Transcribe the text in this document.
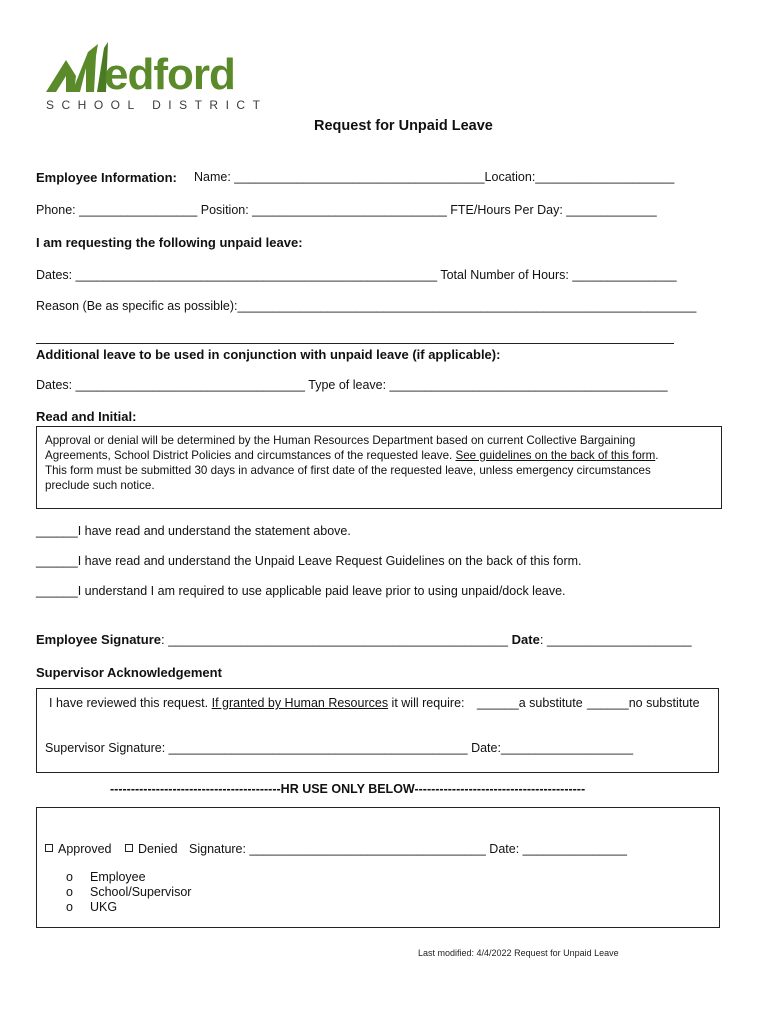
edford
SCHOOL DISTRICT
Request for Unpaid Leave
Employee Information: Name: ____________________________________Location:____________________
Phone: _________________ Position: ____________________________ FTE/Hours Per Day: _____________
I am requesting the following unpaid leave:
Dates: ____________________________________________________ Total Number of Hours: _______________
Reason (Be as specific as possible):__________________________________________________________________
Additional leave to be used in conjunction with unpaid leave (if applicable):
Dates: _________________________________ Type of leave: ________________________________________
Read and Initial:
Approval or denial will be determined by the Human Resources Department based on current Collective Bargaining
Agreements, School District Policies and circumstances of the requested leave. See guidelines on the back of this form.
This form must be submitted 30 days in advance of first date of the requested leave, unless emergency circumstances
preclude such notice.
______I have read and understand the statement above.
______I have read and understand the Unpaid Leave Request Guidelines on the back of this form.
______I understand I am required to use applicable paid leave prior to using unpaid/dock leave.
Employee Signature: _______________________________________________ Date: ____________________
Supervisor Acknowledgement
I have reviewed this request. If granted by Human Resources it will require: ______a substitute ______no substitute
Supervisor Signature: ___________________________________________ Date:___________________
-----------------------------------------HR USE ONLY BELOW-----------------------------------------
Approved	Denied Signature: __________________________________ Date: _______________
o Employee
o School/Supervisor
o UKG
Last modified: 4/4/2022 Request for Unpaid Leave
